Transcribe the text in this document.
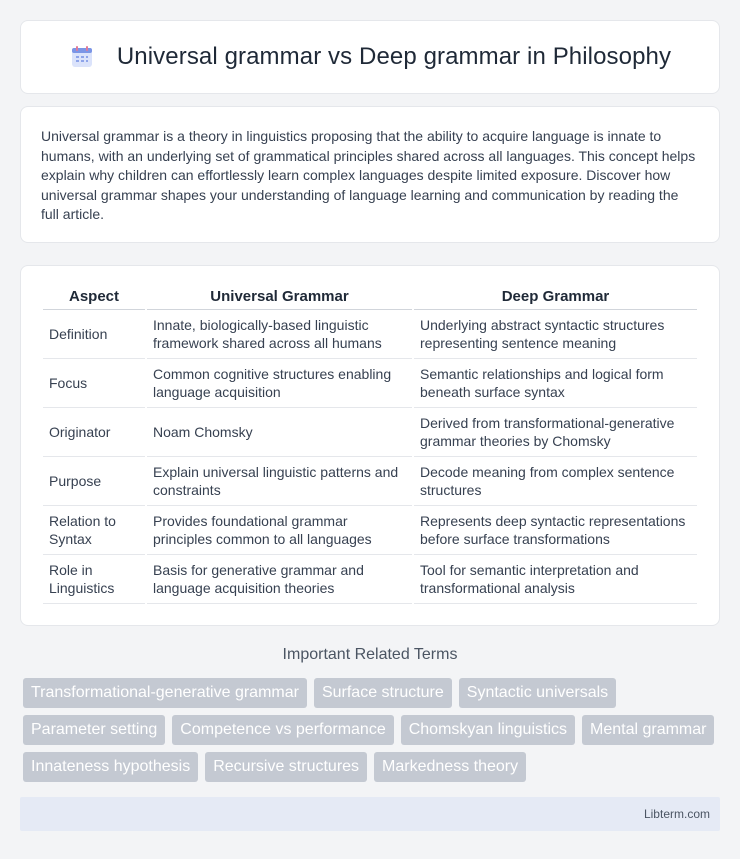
Universal grammar vs Deep grammar in Philosophy

Universal grammar is a theory in linguistics proposing that the ability to acquire language is innate to humans, with an underlying set of grammatical principles shared across all languages. This concept helps explain why children can effortlessly learn complex languages despite limited exposure. Discover how universal grammar shapes your understanding of language learning and communication by reading the full article.

Aspect	Universal Grammar	Deep Grammar
Definition	Innate, biologically-based linguistic framework shared across all humans	Underlying abstract syntactic structures representing sentence meaning
Focus	Common cognitive structures enabling language acquisition	Semantic relationships and logical form beneath surface syntax
Originator	Noam Chomsky	Derived from transformational-generative grammar theories by Chomsky
Purpose	Explain universal linguistic patterns and constraints	Decode meaning from complex sentence structures
Relation to Syntax	Provides foundational grammar principles common to all languages	Represents deep syntactic representations before surface transformations
Role in Linguistics	Basis for generative grammar and language acquisition theories	Tool for semantic interpretation and transformational analysis
Important Related Terms
Transformational-generative grammar	Surface structure	Syntactic universals
Parameter setting	Competence vs performance	Chomskyan linguistics	Mental grammar
Innateness hypothesis	Recursive structures	Markedness theory
Libterm.com
